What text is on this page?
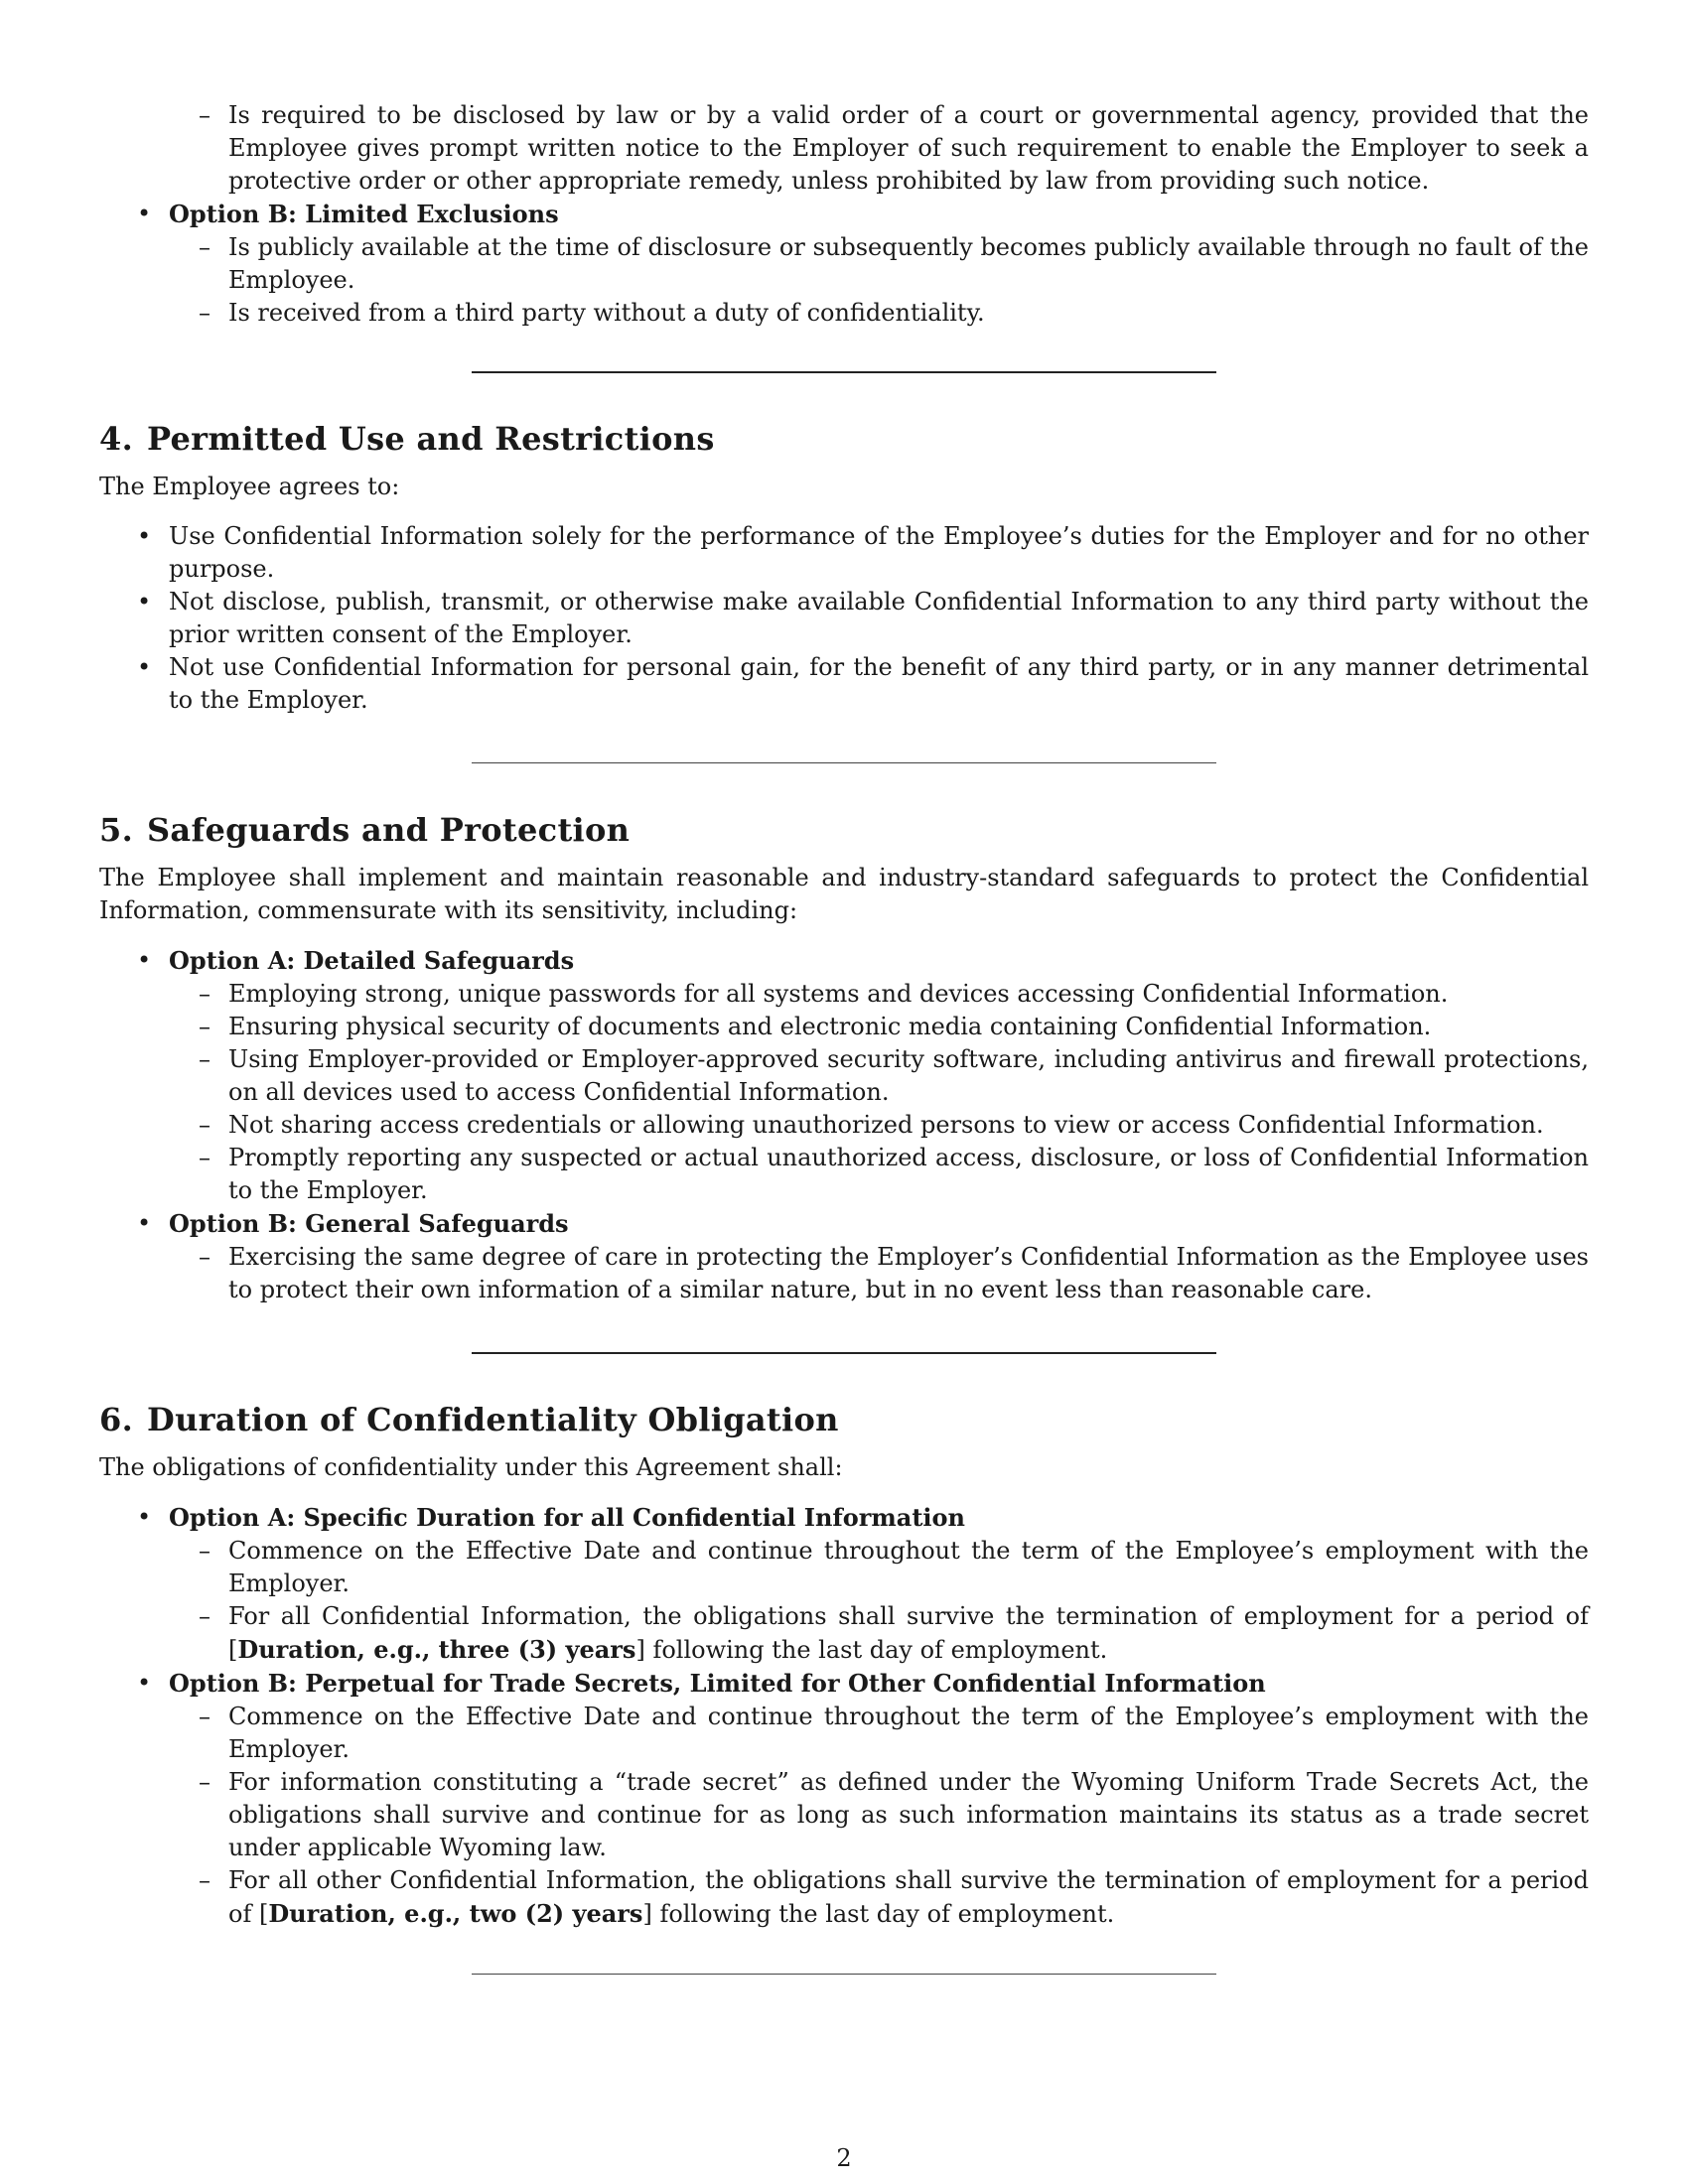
– Is required to be disclosed by law or by a valid order of a court or governmental agency, provided that the Employee gives prompt written notice to the Employer of such requirement to enable the Employer to seek a protective order or other appropriate remedy, unless prohibited by law from providing such notice.
• Option B: Limited Exclusions
– Is publicly available at the time of disclosure or subsequently becomes publicly available through no fault of the Employee.
– Is received from a third party without a duty of confidentiality.
4. Permitted Use and Restrictions

The Employee agrees to:

• Use Confidential Information solely for the performance of the Employee’s duties for the Employer and for no other purpose.
• Not disclose, publish, transmit, or otherwise make available Confidential Information to any third party without the prior written consent of the Employer.
• Not use Confidential Information for personal gain, for the benefit of any third party, or in any manner detrimental to the Employer.
5. Safeguards and Protection

The Employee shall implement and maintain reasonable and industry-standard safeguards to protect the Confidential Information, commensurate with its sensitivity, including:

• Option A: Detailed Safeguards
– Employing strong, unique passwords for all systems and devices accessing Confidential Information.
– Ensuring physical security of documents and electronic media containing Confidential Information.
– Using Employer-provided or Employer-approved security software, including antivirus and firewall protections, on all devices used to access Confidential Information.
– Not sharing access credentials or allowing unauthorized persons to view or access Confidential Information.
– Promptly reporting any suspected or actual unauthorized access, disclosure, or loss of Confidential Information to the Employer.
• Option B: General Safeguards
– Exercising the same degree of care in protecting the Employer’s Confidential Information as the Employee uses to protect their own information of a similar nature, but in no event less than reasonable care.
6. Duration of Confidentiality Obligation

The obligations of confidentiality under this Agreement shall:

• Option A: Specific Duration for all Confidential Information
– Commence on the Effective Date and continue throughout the term of the Employee’s employment with the Employer.
– For all Confidential Information, the obligations shall survive the termination of employment for a period of [Duration, e.g., three (3) years] following the last day of employment.
• Option B: Perpetual for Trade Secrets, Limited for Other Confidential Information
– Commence on the Effective Date and continue throughout the term of the Employee’s employment with the Employer.
– For information constituting a “trade secret” as defined under the Wyoming Uniform Trade Secrets Act, the obligations shall survive and continue for as long as such information maintains its status as a trade secret under applicable Wyoming law.
– For all other Confidential Information, the obligations shall survive the termination of employment for a period of [Duration, e.g., two (2) years] following the last day of employment.
2
